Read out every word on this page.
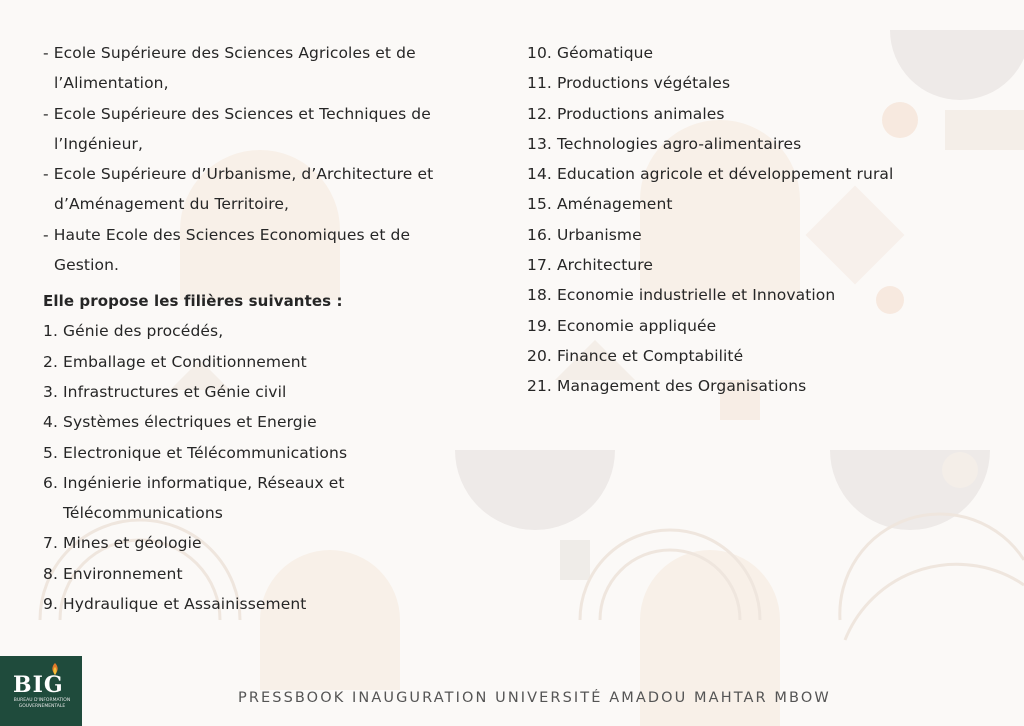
- Ecole Supérieure des Sciences Agricoles et de
l’Alimentation,
- Ecole Supérieure des Sciences et Techniques de
l’Ingénieur,
- Ecole Supérieure d’Urbanisme, d’Architecture et
d’Aménagement du Territoire,
- Haute Ecole des Sciences Economiques et de
Gestion.
Elle propose les filières suivantes :
1. Génie des procédés,
2. Emballage et Conditionnement
3. Infrastructures et Génie civil
4. Systèmes électriques et Energie
5. Electronique et Télécommunications
6. Ingénierie informatique, Réseaux et
Télécommunications
7. Mines et géologie
8. Environnement
9. Hydraulique et Assainissement
10. Géomatique
11. Productions végétales
12. Productions animales
13. Technologies agro-alimentaires
14. Education agricole et développement rural
15. Aménagement
16. Urbanisme
17. Architecture
18. Economie industrielle et Innovation
19. Economie appliquée
20. Finance et Comptabilité
21. Management des Organisations
BIG
BUREAU D'INFORMATION GOUVERNEMENTALE	PRESSBOOK INAUGURATION UNIVERSITÉ AMADOU MAHTAR MBOW
